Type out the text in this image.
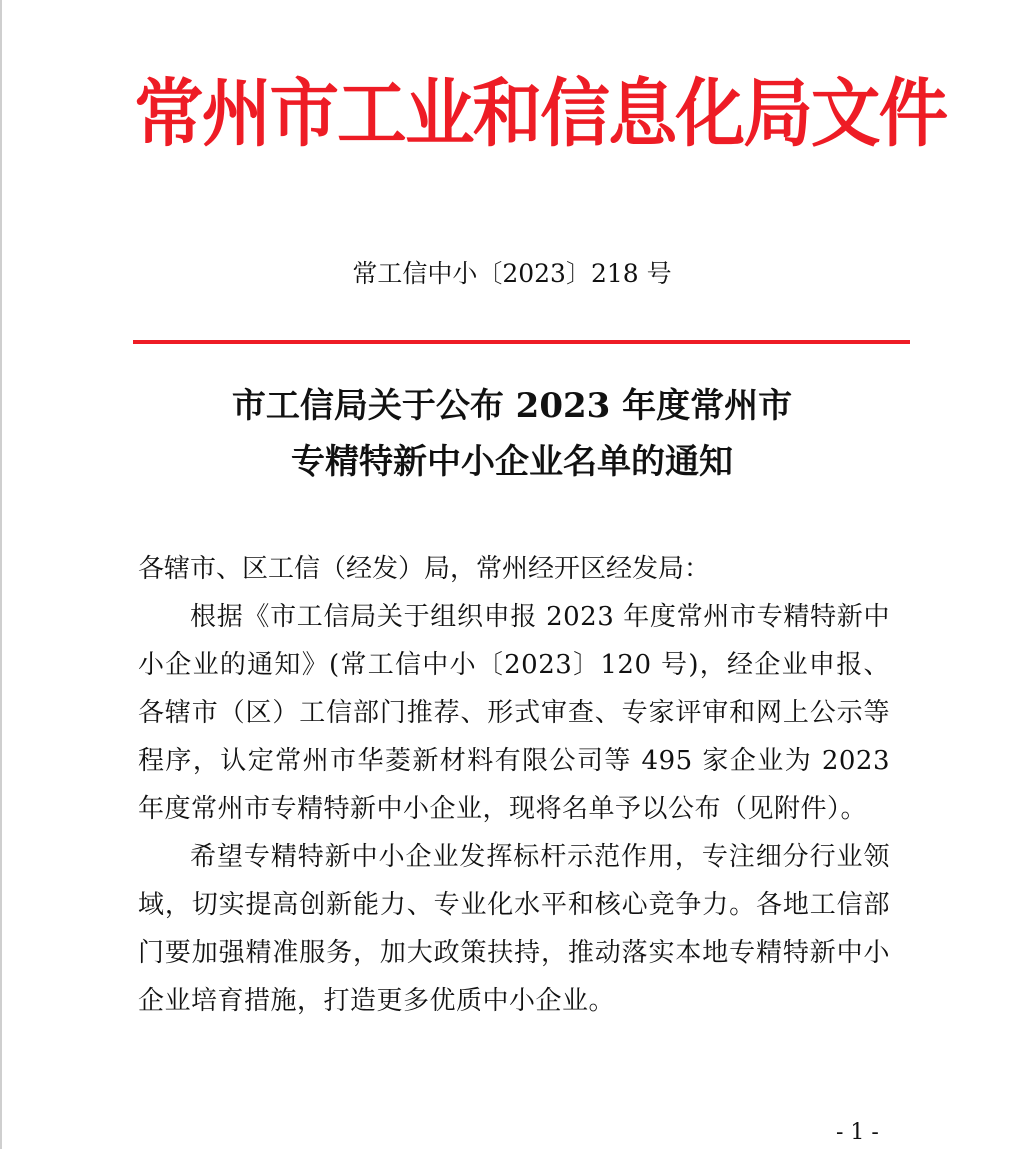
常州市工业和信息化局文件
常工信中小〔2023〕218 号
市工信局关于公布 2023 年度常州市
专精特新中小企业名单的通知
各辖市、区工信（经发）局，常州经开区经发局：
根据《市工信局关于组织申报 2023 年度常州市专精特新中小企业的通知》(常工信中小〔2023〕120 号)，经企业申报、各辖市（区）工信部门推荐、形式审查、专家评审和网上公示等程序，认定常州市华菱新材料有限公司等 495 家企业为 2023 年度常州市专精特新中小企业，现将名单予以公布（见附件）。
希望专精特新中小企业发挥标杆示范作用，专注细分行业领域，切实提高创新能力、专业化水平和核心竞争力。各地工信部门要加强精准服务，加大政策扶持，推动落实本地专精特新中小企业培育措施，打造更多优质中小企业。
- 1 -
